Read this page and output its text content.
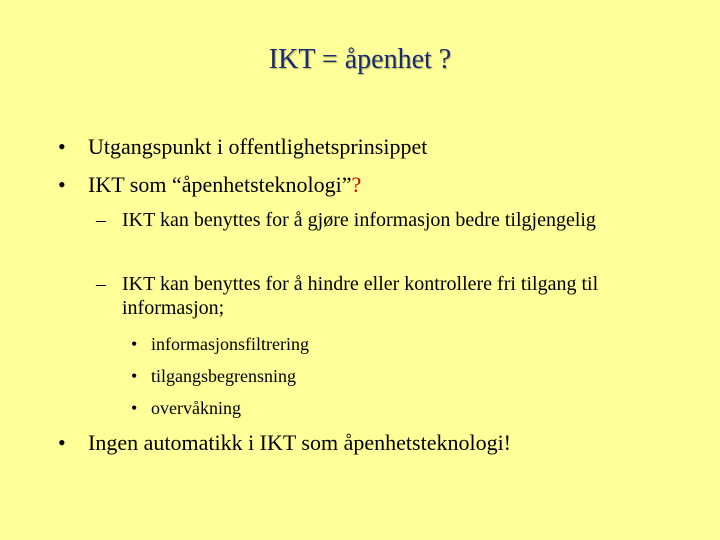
IKT = åpenhet ?
• Utgangspunkt i offentlighetsprinsippet
• IKT som “åpenhetsteknologi”?
– IKT kan benyttes for å gjøre informasjon bedre tilgjengelig
– IKT kan benyttes for å hindre eller kontrollere fri tilgang til informasjon;
• informasjonsfiltrering
• tilgangsbegrensning
• overvåkning
• Ingen automatikk i IKT som åpenhetsteknologi!
